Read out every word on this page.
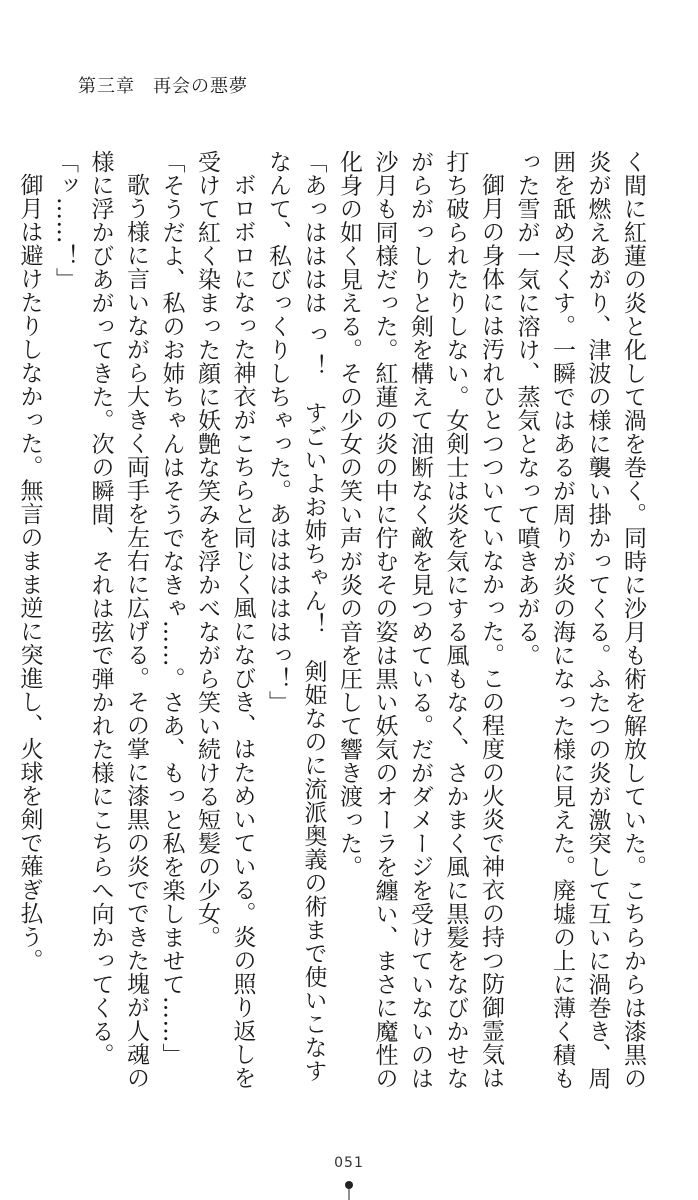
第三章 再会の悪夢

く間に紅蓮の炎と化して渦を巻く。同時に沙月も術を解放していた。こちらからは漆黒の炎が燃えあがり、津波の様に襲い掛かってくる。ふたつの炎が激突して互いに渦巻き、周囲を舐め尽くす。一瞬ではあるが周りが炎の海になった様に見えた。廃墟の上に薄く積もった雪が一気に溶け、蒸気となって噴きあがる。

御月の身体には汚れひとつついていなかった。この程度の火炎で神衣の持つ防御霊気は打ち破られたりしない。女剣士は炎を気にする風もなく、さかまく風に黒髪をなびかせながらがっしりと剣を構えて油断なく敵を見つめている。だがダメージを受けていないのは沙月も同様だった。紅蓮の炎の中に佇むその姿は黒い妖気のオーラを纏い、まさに魔性の化身の如く見える。その少女の笑い声が炎の音を圧して響き渡った。

「あっはははは っ ！　すごいよお姉ちゃん！　剣姫なのに流派奥義の術まで使いこなすなんて、私びっくりしちゃった。あはははははっ！」

ボロボロになった神衣がこちらと同じく風になびき、はためいている。炎の照り返しを受けて紅く染まった顔に妖艶な笑みを浮かべながら笑い続ける短髪の少女。

「そうだよ、私のお姉ちゃんはそうでなきゃ……。さあ、もっと私を楽しませて……」

歌う様に言いながら大きく両手を左右に広げる。その掌に漆黒の炎でできた塊が人魂の様に浮かびあがってきた。次の瞬間、それは弦で弾かれた様にこちらへ向かってくる。

「ッ……！」

御月は避けたりしなかった。無言のまま逆に突進し、火球を剣で薙ぎ払う。

051
